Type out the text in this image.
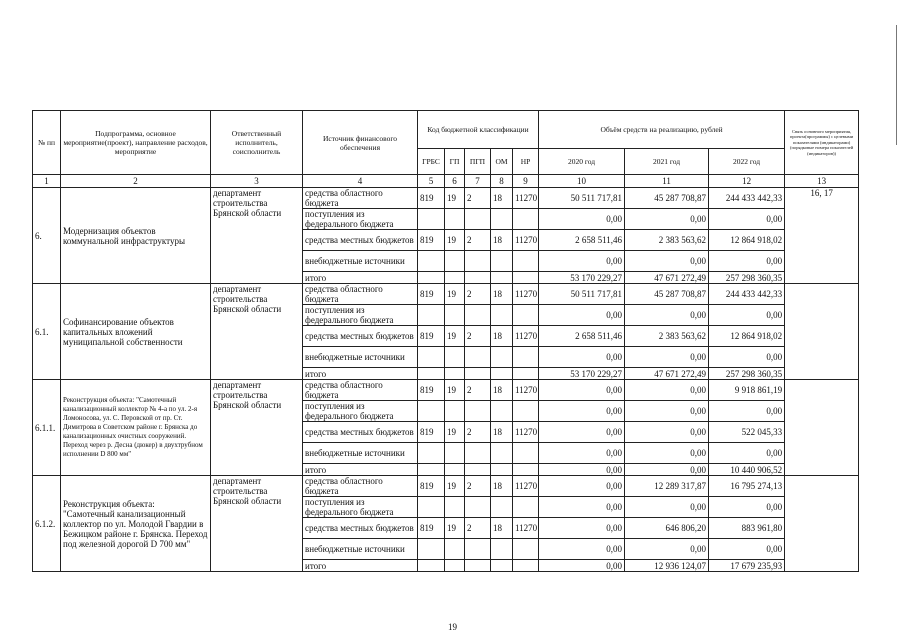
№ пп	Подпрограмма, основное мероприятие(проект), направление расходов, мероприятие	Ответственный исполнитель, соисполнитель	Источник финансового обеспечения	Код бюджетной классификации					Объём средств на реализацию, рублей			Связь основного мероприятия, проекта(программы) с целевыми показателями (индикаторами) (порядковые номера показателей (индикаторов))
				ГРБС	ГП	ПГП	ОМ	НР	2020 год	2021 год	2022 год	
1	2	3	4	5	6	7	8	9	10	11	12	13
6.	Модернизация объектов коммунальной инфраструктуры	департамент строительства Брянской области	средства областного бюджета	819	19	2	18	11270	50 511 717,81	45 287 708,87	244 433 442,33	16, 17
			поступления из федерального бюджета						0,00	0,00	0,00	
			средства местных бюджетов	819	19	2	18	11270	2 658 511,46	2 383 563,62	12 864 918,02	
			внебюджетные источники						0,00	0,00	0,00	
			итого						53 170 229,27	47 671 272,49	257 298 360,35	
6.1.	Софинансирование объектов капитальных вложений муниципальной собственности	департамент строительства Брянской области	средства областного бюджета	819	19	2	18	11270	50 511 717,81	45 287 708,87	244 433 442,33	
			поступления из федерального бюджета						0,00	0,00	0,00	
			средства местных бюджетов	819	19	2	18	11270	2 658 511,46	2 383 563,62	12 864 918,02	
			внебюджетные источники						0,00	0,00	0,00	
			итого						53 170 229,27	47 671 272,49	257 298 360,35	
6.1.1.	Реконструкция объекта: "Самотечный канализационный коллектор № 4-а по ул. 2-я Ломоносова, ул. С. Перовской от пр. Ст. Димитрова в Советском районе г. Брянска до канализационных очистных сооружений. Переход через р. Десна (дюкер) в двухтрубном исполнении D 800 мм"	департамент строительства Брянской области	средства областного бюджета	819	19	2	18	11270	0,00	0,00	9 918 861,19	
			поступления из федерального бюджета						0,00	0,00	0,00	
			средства местных бюджетов	819	19	2	18	11270	0,00	0,00	522 045,33	
			внебюджетные источники						0,00	0,00	0,00	
			итого						0,00	0,00	10 440 906,52	
6.1.2.	Реконструкция объекта: "Самотечный канализационный коллектор по ул. Молодой Гвардии в Бежицком районе г. Брянска. Переход под железной дорогой D 700 мм"	департамент строительства Брянской области	средства областного бюджета	819	19	2	18	11270	0,00	12 289 317,87	16 795 274,13	
			поступления из федерального бюджета						0,00	0,00	0,00	
			средства местных бюджетов	819	19	2	18	11270	0,00	646 806,20	883 961,80	
			внебюджетные источники						0,00	0,00	0,00	
			итого						0,00	12 936 124,07	17 679 235,93	
19
